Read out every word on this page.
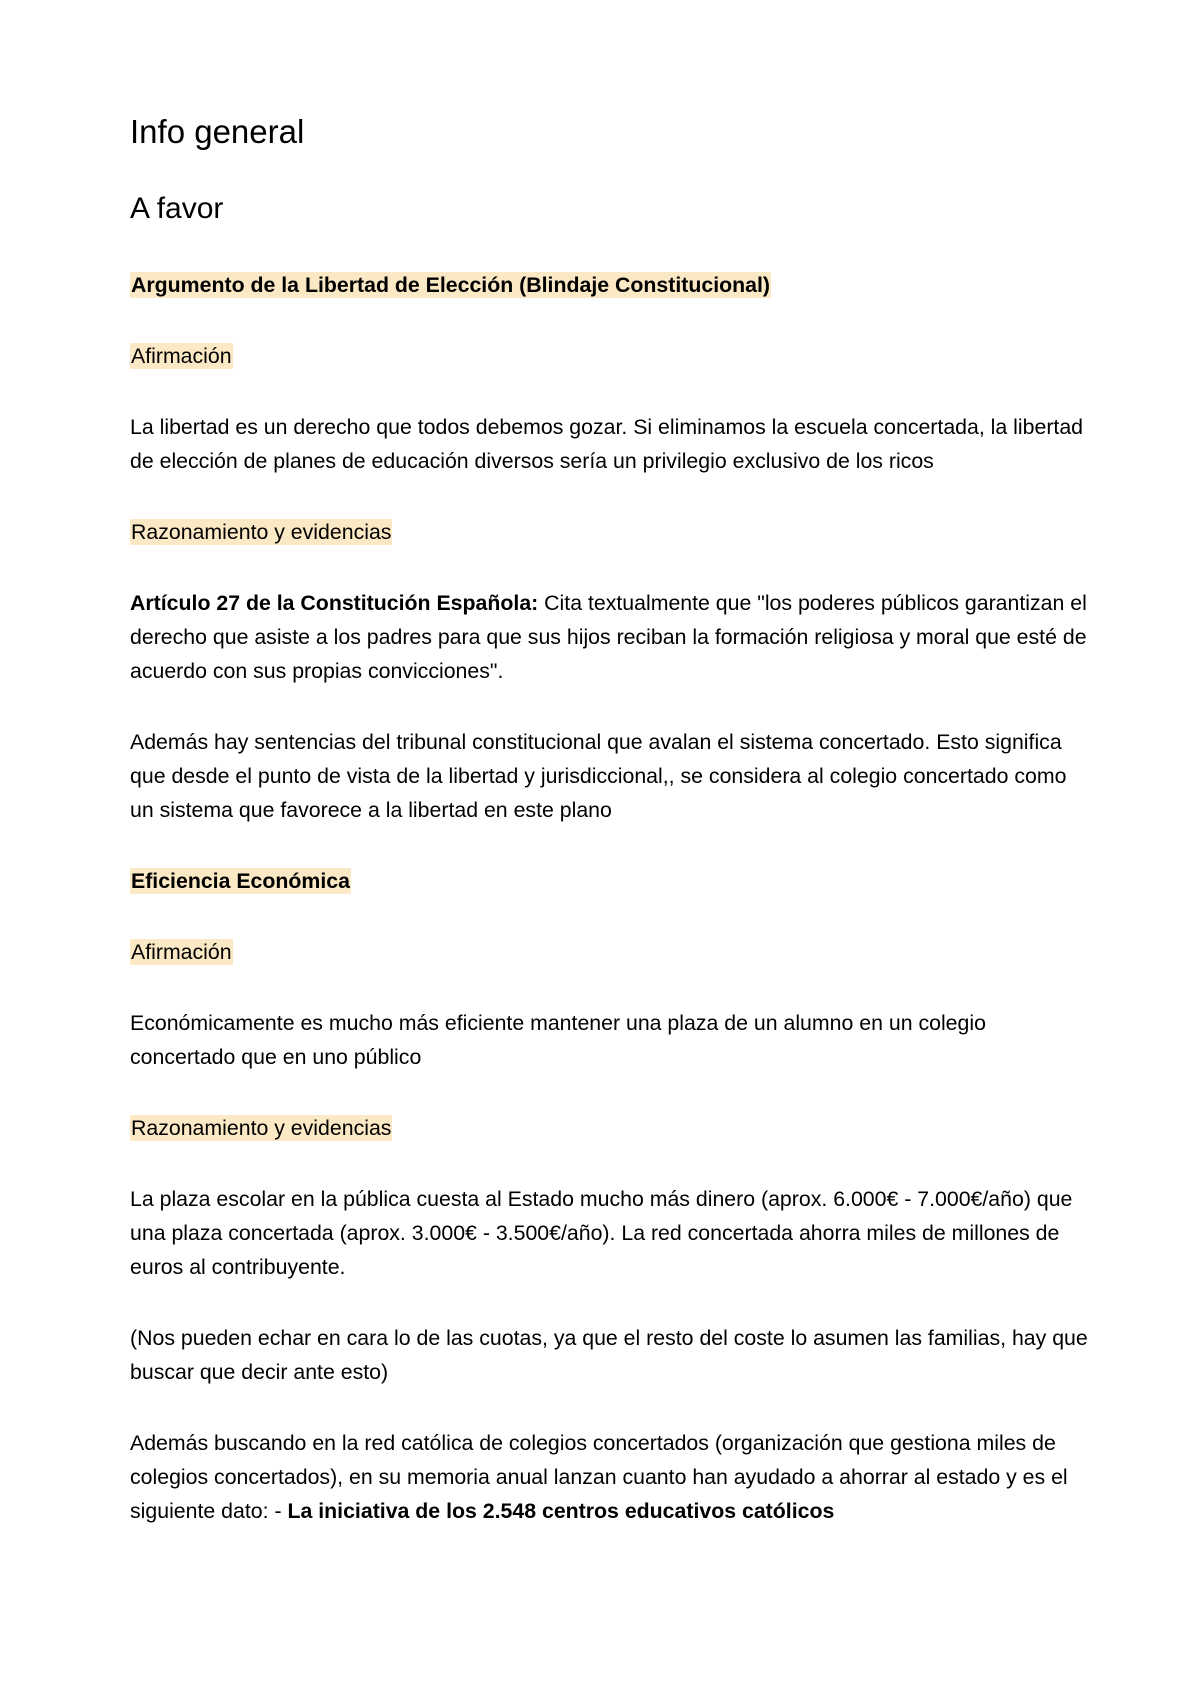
Info general
A favor

Argumento de la Libertad de Elección (Blindaje Constitucional)

Afirmación

La libertad es un derecho que todos debemos gozar. Si eliminamos la escuela concertada, la libertad de elección de planes de educación diversos sería un privilegio exclusivo de los ricos

Razonamiento y evidencias

Artículo 27 de la Constitución Española: Cita textualmente que "los poderes públicos garantizan el derecho que asiste a los padres para que sus hijos reciban la formación religiosa y moral que esté de acuerdo con sus propias convicciones".

Además hay sentencias del tribunal constitucional que avalan el sistema concertado. Esto significa que desde el punto de vista de la libertad y jurisdiccional,, se considera al colegio concertado como un sistema que favorece a la libertad en este plano

Eficiencia Económica

Afirmación

Económicamente es mucho más eficiente mantener una plaza de un alumno en un colegio concertado que en uno público

Razonamiento y evidencias

La plaza escolar en la pública cuesta al Estado mucho más dinero (aprox. 6.000€ - 7.000€/año) que una plaza concertada (aprox. 3.000€ - 3.500€/año). La red concertada ahorra miles de millones de euros al contribuyente.

(Nos pueden echar en cara lo de las cuotas, ya que el resto del coste lo asumen las familias, hay que buscar que decir ante esto)

Además buscando en la red católica de colegios concertados (organización que gestiona miles de colegios concertados), en su memoria anual lanzan cuanto han ayudado a ahorrar al estado y es el siguiente dato: - La iniciativa de los 2.548 centros educativos católicos
